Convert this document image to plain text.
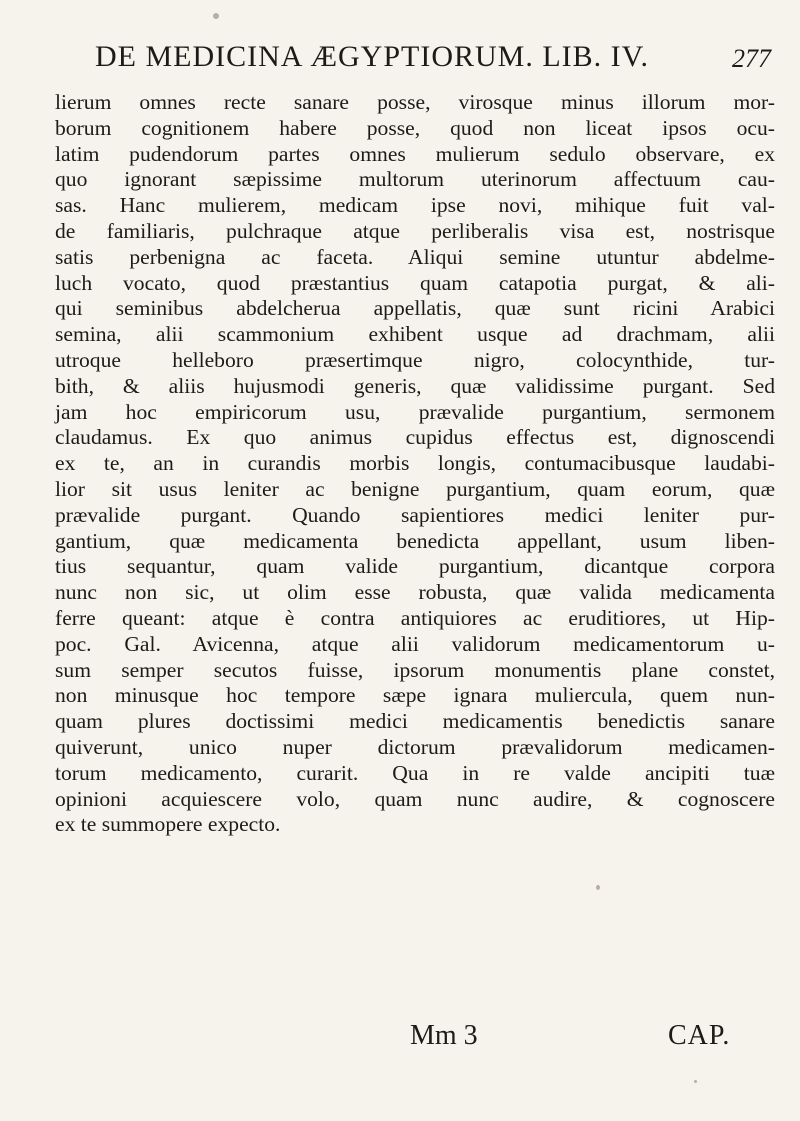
DE MEDICINA ÆGYPTIORUM. LIB. IV.	277
lierum omnes recte sanare posse, virosque minus illorum mor-
borum cognitionem habere posse, quod non liceat ipsos ocu-
latim pudendorum partes omnes mulierum sedulo observare, ex
quo ignorant sæpissime multorum uterinorum affectuum cau-
sas. Hanc mulierem, medicam ipse novi, mihique fuit val-
de familiaris, pulchraque atque perliberalis visa est, nostrisque
satis perbenigna ac faceta. Aliqui semine utuntur abdelme-
luch vocato, quod præstantius quam catapotia purgat, & ali-
qui seminibus abdelcherua appellatis, quæ sunt ricini Arabici
semina, alii scammonium exhibent usque ad drachmam, alii
utroque helleboro præsertimque nigro, colocynthide, tur-
bith, & aliis hujusmodi generis, quæ validissime purgant. Sed
jam hoc empiricorum usu, prævalide purgantium, sermonem
claudamus. Ex quo animus cupidus effectus est, dignoscendi
ex te, an in curandis morbis longis, contumacibusque laudabi-
lior sit usus leniter ac benigne purgantium, quam eorum, quæ
prævalide purgant. Quando sapientiores medici leniter pur-
gantium, quæ medicamenta benedicta appellant, usum liben-
tius sequantur, quam valide purgantium, dicantque corpora
nunc non sic, ut olim esse robusta, quæ valida medicamenta
ferre queant: atque è contra antiquiores ac eruditiores, ut Hip-
poc. Gal. Avicenna, atque alii validorum medicamentorum u-
sum semper secutos fuisse, ipsorum monumentis plane constet,
non minusque hoc tempore sæpe ignara muliercula, quem nun-
quam plures doctissimi medici medicamentis benedictis sanare
quiverunt, unico nuper dictorum prævalidorum medicamen-
torum medicamento, curarit. Qua in re valde ancipiti tuæ
opinioni acquiescere volo, quam nunc audire, & cognoscere
ex te summopere expecto.
Mm 3	CAP.
